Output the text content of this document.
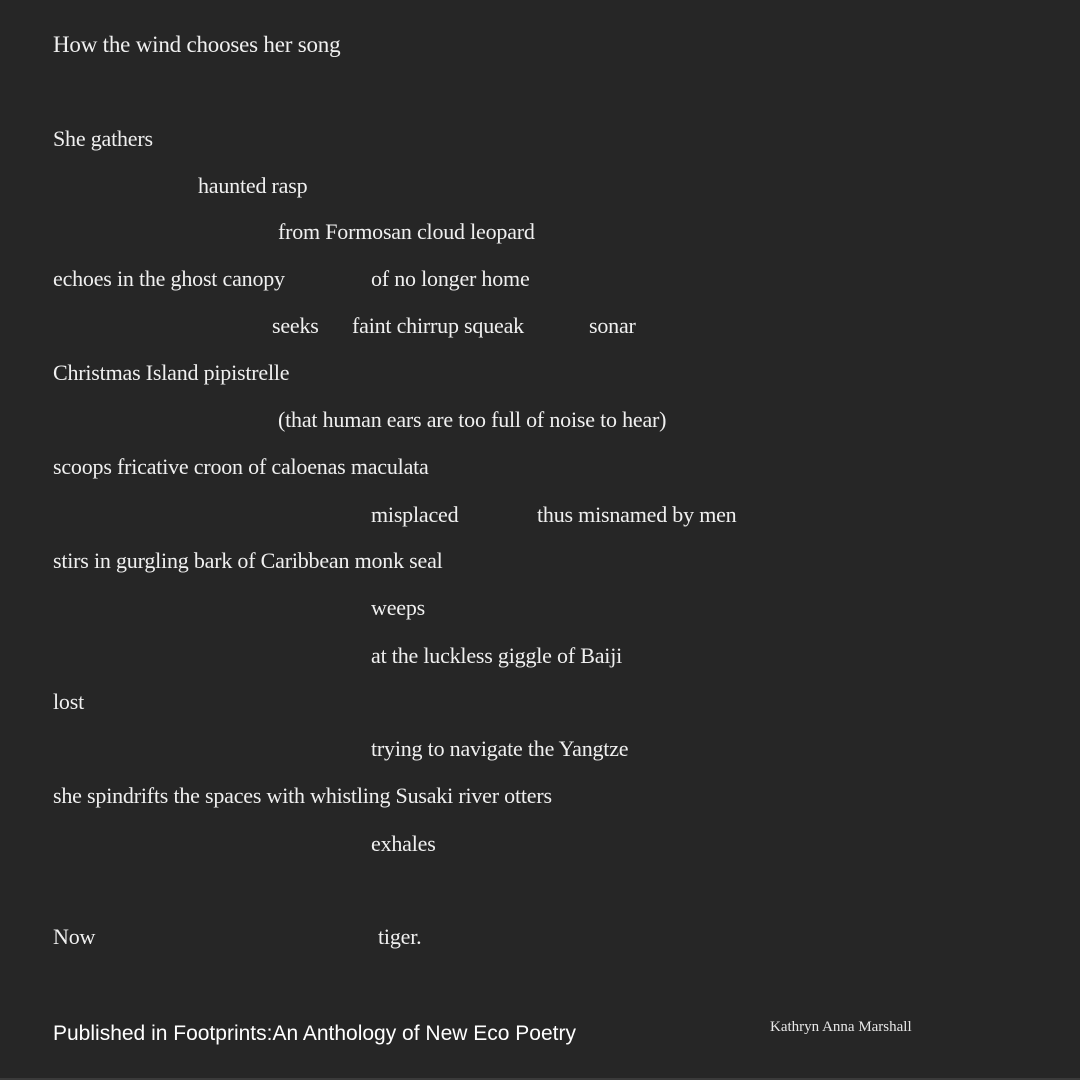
How the wind chooses her song
She gathers
haunted rasp
from Formosan cloud leopard
echoes in the ghost canopy	of no longer home
seeks faint chirrup squeak	sonar
Christmas Island pipistrelle
(that human ears are too full of noise to hear)
scoops fricative croon of caloenas maculata
misplaced	thus misnamed by men
stirs in gurgling bark of Caribbean monk seal
weeps
at the luckless giggle of Baiji
lost
trying to navigate the Yangtze
she spindrifts the spaces with whistling Susaki river otters
exhales
Now	tiger.
Published in Footprints:An Anthology of New Eco Poetry	Kathryn Anna Marshall
